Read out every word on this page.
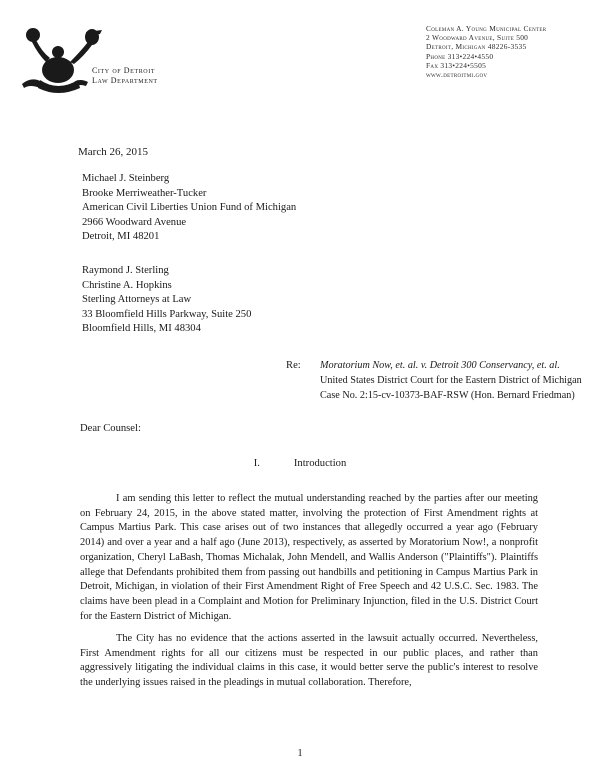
City of Detroit
Law Department
Coleman A. Young Municipal Center
2 Woodward Avenue, Suite 500
Detroit, Michigan 48226-3535
Phone 313•224•4550
Fax 313•224•5505
www.detroitmi.gov
March 26, 2015
Michael J. Steinberg
Brooke Merriweather-Tucker
American Civil Liberties Union Fund of Michigan
2966 Woodward Avenue
Detroit, MI 48201
Raymond J. Sterling
Christine A. Hopkins
Sterling Attorneys at Law
33 Bloomfield Hills Parkway, Suite 250
Bloomfield Hills, MI 48304
Re: Moratorium Now, et. al. v. Detroit 300 Conservancy, et. al.
United States District Court for the Eastern District of Michigan
Case No. 2:15-cv-10373-BAF-RSW (Hon. Bernard Friedman)
Dear Counsel:
I.	Introduction

I am sending this letter to reflect the mutual understanding reached by the parties after our meeting on February 24, 2015, in the above stated matter, involving the protection of First Amendment rights at Campus Martius Park. This case arises out of two instances that allegedly occurred a year ago (February 2014) and over a year and a half ago (June 2013), respectively, as asserted by Moratorium Now!, a nonprofit organization, Cheryl LaBash, Thomas Michalak, John Mendell, and Wallis Anderson ("Plaintiffs"). Plaintiffs allege that Defendants prohibited them from passing out handbills and petitioning in Campus Martius Park in Detroit, Michigan, in violation of their First Amendment Right of Free Speech and 42 U.S.C. Sec. 1983. The claims have been plead in a Complaint and Motion for Preliminary Injunction, filed in the U.S. District Court for the Eastern District of Michigan.

The City has no evidence that the actions asserted in the lawsuit actually occurred. Nevertheless, First Amendment rights for all our citizens must be respected in our public places, and rather than aggressively litigating the individual claims in this case, it would better serve the public's interest to resolve the underlying issues raised in the pleadings in mutual collaboration. Therefore,

1
